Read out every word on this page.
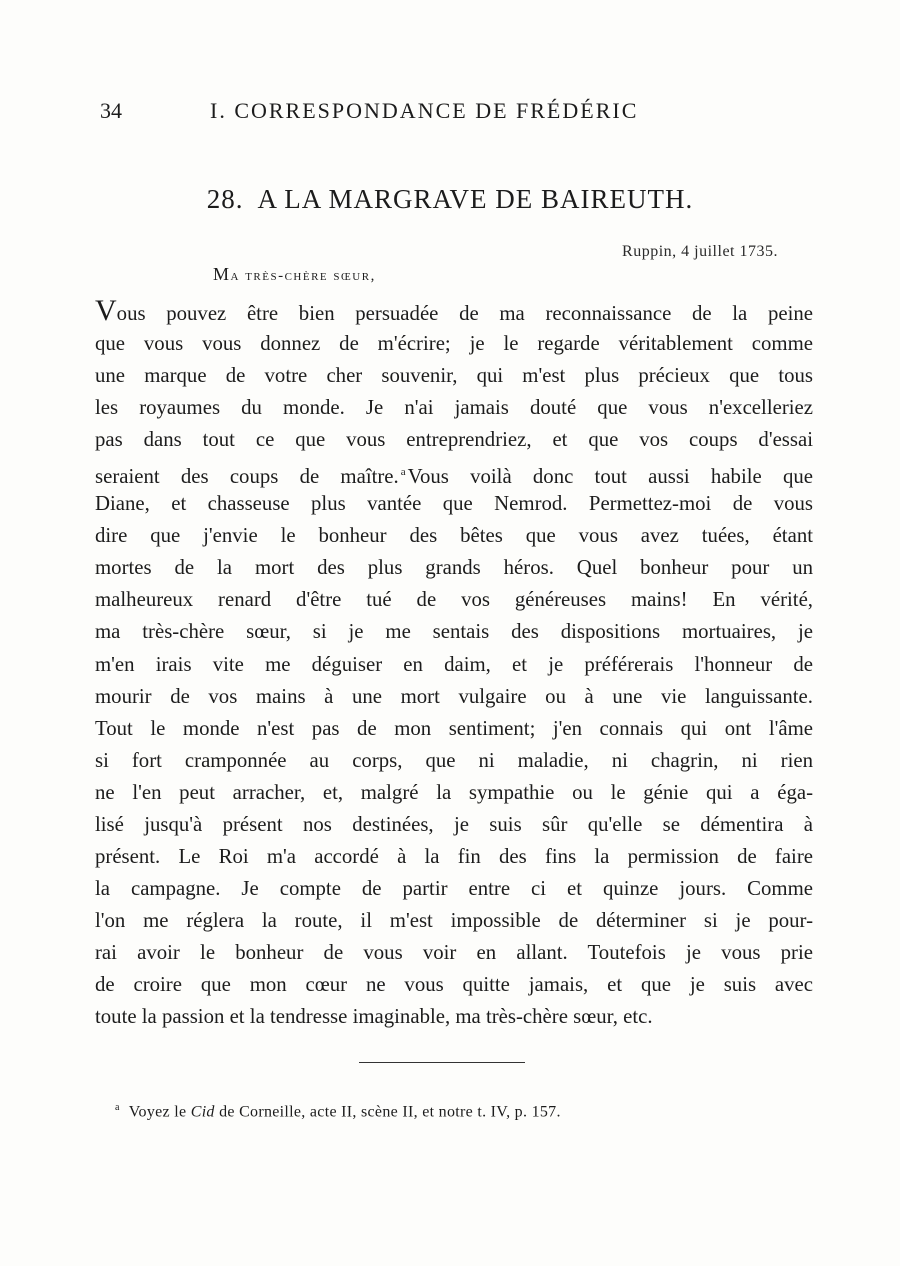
34	I. CORRESPONDANCE DE FRÉDÉRIC
28. A LA MARGRAVE DE BAIREUTH.
Ruppin, 4 juillet 1735.
Ma très-chère sœur,
Vous pouvez être bien persuadée de ma reconnaissance de la peine
que vous vous donnez de m'écrire; je le regarde véritablement comme
une marque de votre cher souvenir, qui m'est plus précieux que tous
les royaumes du monde. Je n'ai jamais douté que vous n'excelleriez
pas dans tout ce que vous entreprendriez, et que vos coups d'essai
seraient des coups de maître. $^a$Vous voilà donc tout aussi habile que
Diane, et chasseuse plus vantée que Nemrod. Permettez-moi de vous
dire que j'envie le bonheur des bêtes que vous avez tuées, étant
mortes de la mort des plus grands héros. Quel bonheur pour un
malheureux renard d'être tué de vos généreuses mains! En vérité,
ma très-chère sœur, si je me sentais des dispositions mortuaires, je
m'en irais vite me déguiser en daim, et je préférerais l'honneur de
mourir de vos mains à une mort vulgaire ou à une vie languissante.
Tout le monde n'est pas de mon sentiment; j'en connais qui ont l'âme
si fort cramponnée au corps, que ni maladie, ni chagrin, ni rien
ne l'en peut arracher, et, malgré la sympathie ou le génie qui a éga-
lisé jusqu'à présent nos destinées, je suis sûr qu'elle se démentira à
présent. Le Roi m'a accordé à la fin des fins la permission de faire
la campagne. Je compte de partir entre ci et quinze jours. Comme
l'on me réglera la route, il m'est impossible de déterminer si je pour-
rai avoir le bonheur de vous voir en allant. Toutefois je vous prie
de croire que mon cœur ne vous quitte jamais, et que je suis avec
toute la passion et la tendresse imaginable, ma très-chère sœur, etc.
$^a$ Voyez le Cid de Corneille, acte II, scène II, et notre t. IV, p. 157.
